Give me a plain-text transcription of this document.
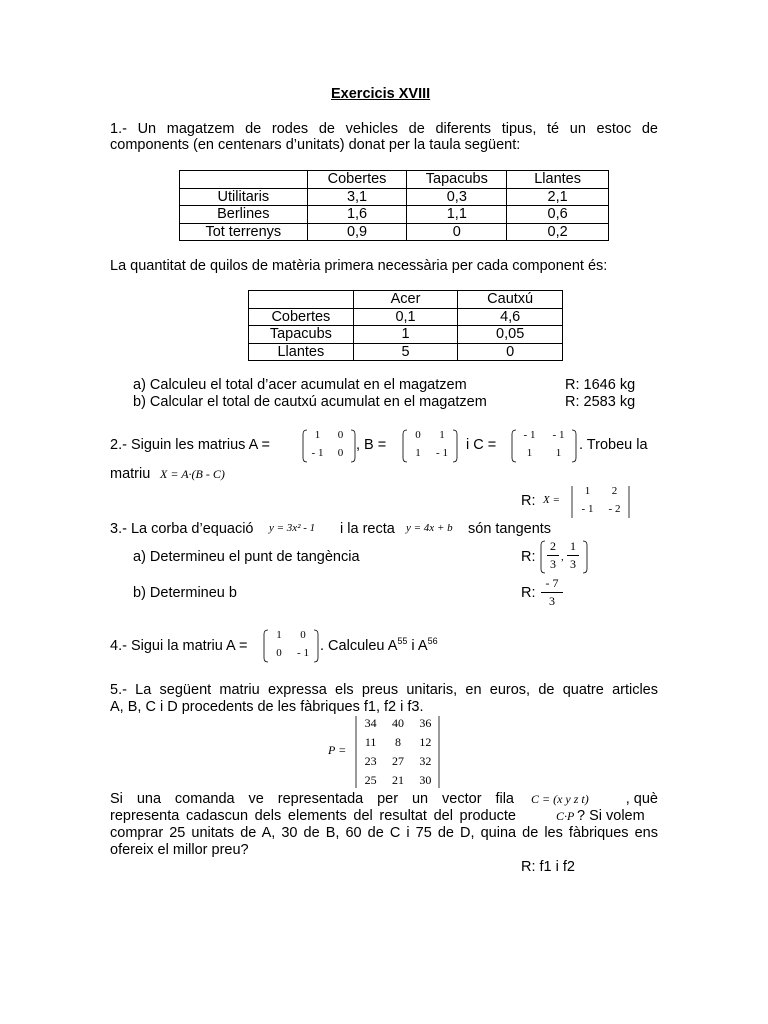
Exercicis XVIII
1.- Un magatzem de rodes de vehicles de diferents tipus, té un estoc de
components (en centenars d’unitats) donat per la taula següent:
	Cobertes	Tapacubs	Llantes
Utilitaris	3,1	0,3	2,1
Berlines	1,6	1,1	0,6
Tot terrenys	0,9	0	0,2
La quantitat de quilos de matèria primera necessària per cada component és:
	Acer	Cautxú
Cobertes	0,1	4,6
Tapacubs	1	0,05
Llantes	5	0
a) Calculeu el total d’acer acumulat en el magatzem	R: 1646 kg
b) Calcular el total de cautxú acumulat en el magatzem	R: 2583 kg
2.- Siguin les matrius A =
1	0
- 1	0 , B =
0	1
1	- 1	i C =
- 1	- 1
1	1	. Trobeu la
matriu X = A·(B - C)
R: X =
1	2
- 1	- 2
3.- La corba d’equació y = 3x² - 1 i la recta y = 4x + b són tangents
a) Determineu el punt de tangència	R:
2
3 ,
1
3
b) Determineu b	R:
- 7
3
4.- Sigui la matriu A =
1	0
0	- 1 . Calculeu $A^{55}$ i $A^{56}$
5.- La següent matriu expressa els preus unitaris, en euros, de quatre articles
A, B, C i D procedents de les fàbriques f1, f2 i f3.
P =
34	40	36
11	8	12
23	27	32
25	21	30
Si una comanda ve representada per un vector fila C = (x y z t)	, què
representa cadascun dels elements del resultat del producte	C·P ? Si volem
comprar 25 unitats de A, 30 de B, 60 de C i 75 de D, quina de les fàbriques ens
ofereix el millor preu?
R: f1 i f2
